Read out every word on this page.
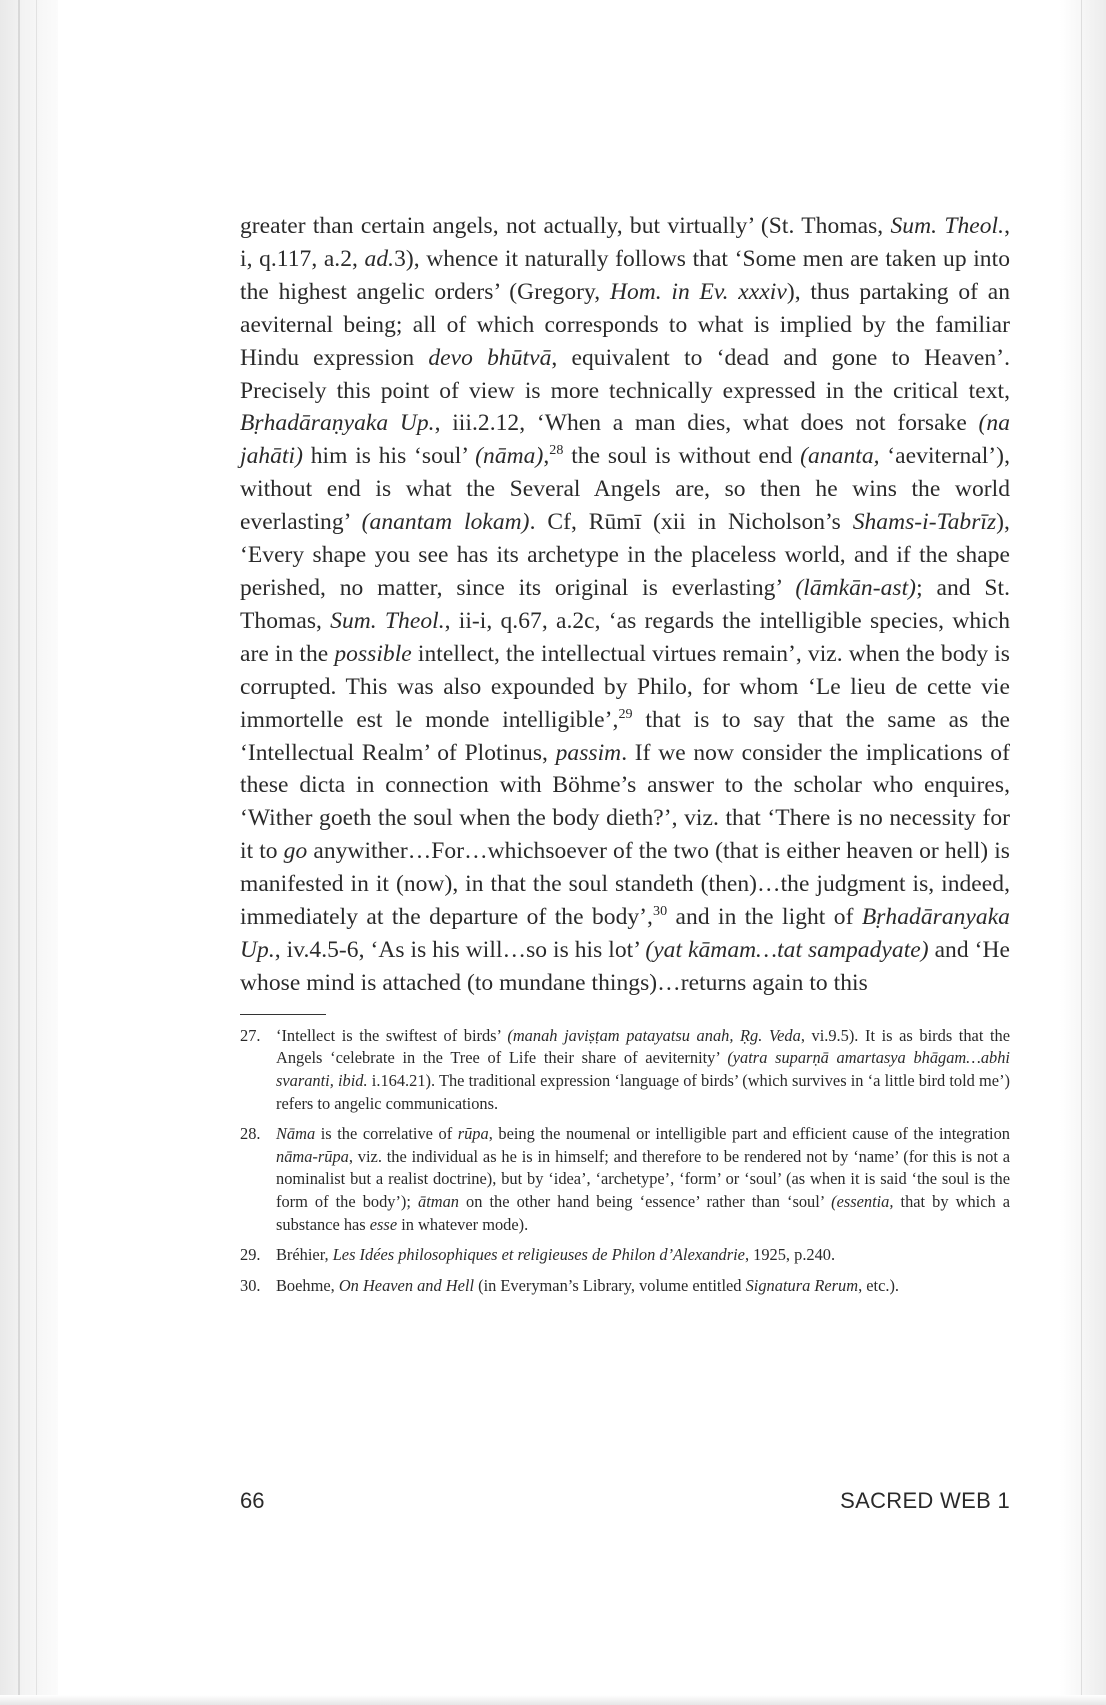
greater than certain angels, not actually, but virtually’ (St. Thomas, Sum. Theol., i, q.117, a.2, ad.3), whence it naturally follows that ‘Some men are taken up into the highest angelic orders’ (Gregory, Hom. in Ev. xxxiv), thus partaking of an aeviternal being; all of which corresponds to what is implied by the familiar Hindu expression devo bhūtvā, equivalent to ‘dead and gone to Heaven’. Precisely this point of view is more technically expressed in the critical text, Bṛhadāraṇyaka Up., iii.2.12, ‘When a man dies, what does not forsake (na jahāti) him is his ‘soul’ (nāma),$^{28}$ the soul is without end (ananta, ‘aeviternal’), without end is what the Several Angels are, so then he wins the world everlasting’ (anantam lokam). Cf, Rūmī (xii in Nicholson’s Shams-i-Tabrīz), ‘Every shape you see has its archetype in the placeless world, and if the shape perished, no matter, since its original is everlasting’ (lāmkān-ast); and St. Thomas, Sum. Theol., ii-i, q.67, a.2c, ‘as regards the intelligible species, which are in the possible intellect, the intellectual virtues remain’, viz. when the body is corrupted. This was also expounded by Philo, for whom ‘Le lieu de cette vie immortelle est le monde intelligible’,$^{29}$ that is to say that the same as the ‘Intellectual Realm’ of Plotinus, passim. If we now consider the implications of these dicta in connection with Böhme’s answer to the scholar who enquires, ‘Wither goeth the soul when the body dieth?’, viz. that ‘There is no necessity for it to go anywither…For…whichsoever of the two (that is either heaven or hell) is manifested in it (now), in that the soul standeth (then)…the judgment is, indeed, immediately at the departure of the body’,$^{30}$ and in the light of Bṛhadāranyaka Up., iv.4.5-6, ‘As is his will…so is his lot’ (yat kāmam…tat sampadyate) and ‘He whose mind is attached (to mundane things)…returns again to this

27. ‘Intellect is the swiftest of birds’ (manah javiṣṭam patayatsu anah, Ṛg. Veda, vi.9.5). It is as birds that the Angels ‘celebrate in the Tree of Life their share of aeviternity’ (yatra suparṇā amartasya bhāgam…abhi svaranti, ibid. i.164.21). The traditional expression ‘language of birds’ (which survives in ‘a little bird told me’) refers to angelic communications.
28. Nāma is the correlative of rūpa, being the noumenal or intelligible part and efficient cause of the integration nāma-rūpa, viz. the individual as he is in himself; and therefore to be rendered not by ‘name’ (for this is not a nominalist but a realist doctrine), but by ‘idea’, ‘archetype’, ‘form’ or ‘soul’ (as when it is said ‘the soul is the form of the body’); ātman on the other hand being ‘essence’ rather than ‘soul’ (essentia, that by which a substance has esse in whatever mode).
29. Bréhier, Les Idées philosophiques et religieuses de Philon d’Alexandrie, 1925, p.240.
30. Boehme, On Heaven and Hell (in Everyman’s Library, volume entitled Signatura Rerum, etc.).
66	SACRED WEB 1
